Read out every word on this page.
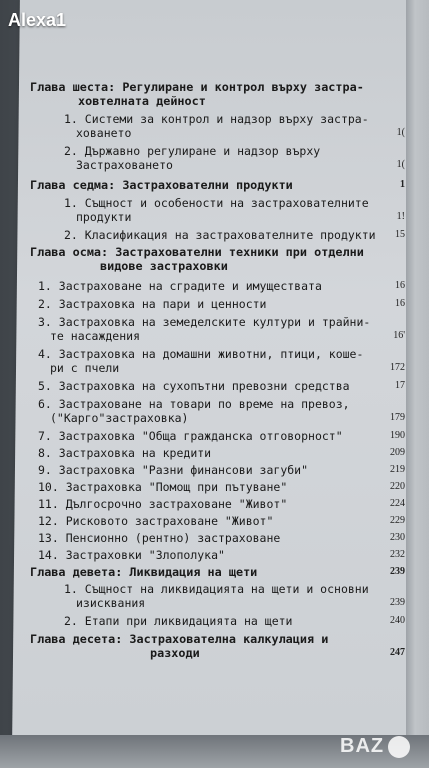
Alexa1
Глава шеста: Регулиране и контрол върху застра-
ховтелната дейност
1. Системи за контрол и надзор върху застра-
ховането	1(
2. Държавно регулиране и надзор върху
Застраховането	1(
Глава седма: Застрахователни продукти	1
1. Същност и особености на застрахователните
продукти	1!
2. Класификация на застрахователните продукти 15
Глава осма: Застрахователни техники при отделни
видове застраховки
1. Застраховане на сградите и имуществата	16
2. Застраховка на пари и ценности	16
3. Застраховка на земеделските култури и трайни-
те насаждения	16'
4. Застраховка на домашни животни, птици, коше-
ри с пчели	172
5. Застраховка на сухопътни превозни средства	17
6. Застраховане на товари по време на превоз,
("Карго"застраховка)	179
7. Застраховка "Обща гражданска отговорност"	190
8. Застраховка на кредити	209
9. Застраховка "Разни финансови загуби"	219
10. Застраховка "Помощ при пътуване"	220
11. Дългосрочно застраховане "Живот"	224
12. Рисковото застраховане "Живот"	229
13. Пенсионно (рентно) застраховане	230
14. Застраховки "Злополука"	232
Глава девета: Ликвидация на щети	239
1. Същност на ликвидацията на щети и основни
изисквания	239
2. Етапи при ликвидацията на щети	240
Глава десета: Застрахователна калкулация и
разходи	247
BAZ
